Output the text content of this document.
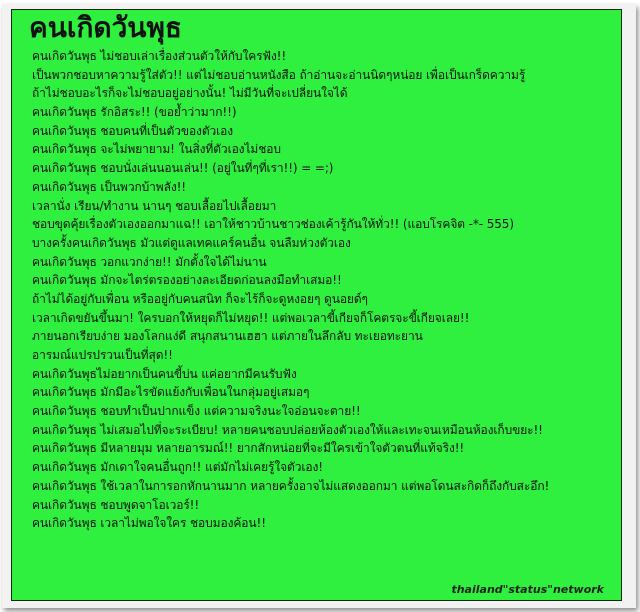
คนเกิดวันพุธ
คนเกิดวันพุธ ไม่ชอบเล่าเรื่องส่วนตัวให้กับใครฟัง!!
เป็นพวกชอบหาความรู้ใส่ตัว!! แต่ไม่ชอบอ่านหนังสือ ถ้าอ่านจะอ่านนิดๆหน่อย เพื่อเป็นเกร็ดความรู้
ถ้าไม่ชอบอะไรก็จะไม่ชอบอยู่อย่างนั้น! ไม่มีวันที่จะเปลี่ยนใจได้
คนเกิดวันพุธ รักอิสระ!! (ขอย้ำว่ามาก!!)
คนเกิดวันพุธ ชอบคนที่เป็นตัวของตัวเอง
คนเกิดวันพุธ จะไม่พยายาม! ในสิ่งที่ตัวเองไม่ชอบ
คนเกิดวันพุธ ชอบนั่งเล่นนอนเล่น!! (อยู่ในที่ๆที่เรา!!) = =;)
คนเกิดวันพุธ เป็นพวกบ้าพลัง!!
เวลานั่ง เรียน/ทำงาน นานๆ ชอบเลื้อยไปเลื้อยมา
ชอบขุดคุ้ยเรื่องตัวเองออกมาแฉ!! เอาให้ชาวบ้านชาวช่องเค้ารู้กันให้ทั่ว!! (แอบโรคจิต -*- 555)
บางครั้งคนเกิดวันพุธ มัวแต่ดูแลเทคแคร์คนอื่น จนลืมห่วงตัวเอง
คนเกิดวันพุธ วอกแวกง่าย!! มักตั้งใจได้ไม่นาน
คนเกิดวันพุธ มักจะไตร่ตรองอย่างละเอียดก่อนลงมือทำเสมอ!!
ถ้าไม่ได้อยู่กับเพื่อน หรืออยู่กับคนสนิท ก็จะไร้ก็จะดูหงอยๆ ดูนอยด์ๆ
เวลาเกิดขยันขึ้นมา! ใครบอกให้หยุดก็ไม่หยุด!! แต่พอเวลาขี้เกียจก็โคตรจะขี้เกียจเลย!!
ภายนอกเรียบง่าย มองโลกแง่ดี สนุกสนานเฮฮา แต่ภายในลึกลับ ทะเยอทะยาน
อารมณ์แปรปรวนเป็นที่สุด!!
คนเกิดวันพุธไม่อยากเป็นคนขี้บ่น แค่อยากมีคนรับฟัง
คนเกิดวันพุธ มักมีอะไรขัดแย้งกับเพื่อนในกลุ่มอยู่เสมอๆ
คนเกิดวันพุธ ชอบทำเป็นปากแข็ง แต่ความจริงนะใจอ่อนจะตาย!!
คนเกิดวันพุธ ไม่เสมอไปที่จะระเบียบ! หลายคนชอบปล่อยห้องตัวเองให้และเทะจนเหมือนห้องเก็บขยะ!!
คนเกิดวันพุธ มีหลายมุม หลายอารมณ์!! ยากสักหน่อยที่จะมีใครเข้าใจตัวตนที่แท้จริง!!
คนเกิดวันพุธ มักเดาใจคนอื่นถูก!! แต่มักไม่เคยรู้ใจตัวเอง!
คนเกิดวันพุธ ใช้เวลาในการอกหักนานมาก หลายครั้งอาจไม่แสดงออกมา แต่พอโดนสะกิดก็ถึงกับสะอึก!
คนเกิดวันพุธ ชอบพูดจาโอเวอร์!!
คนเกิดวันพุธ เวลาไม่พอใจใคร ชอบมองค้อน!!
thailand"status"network
